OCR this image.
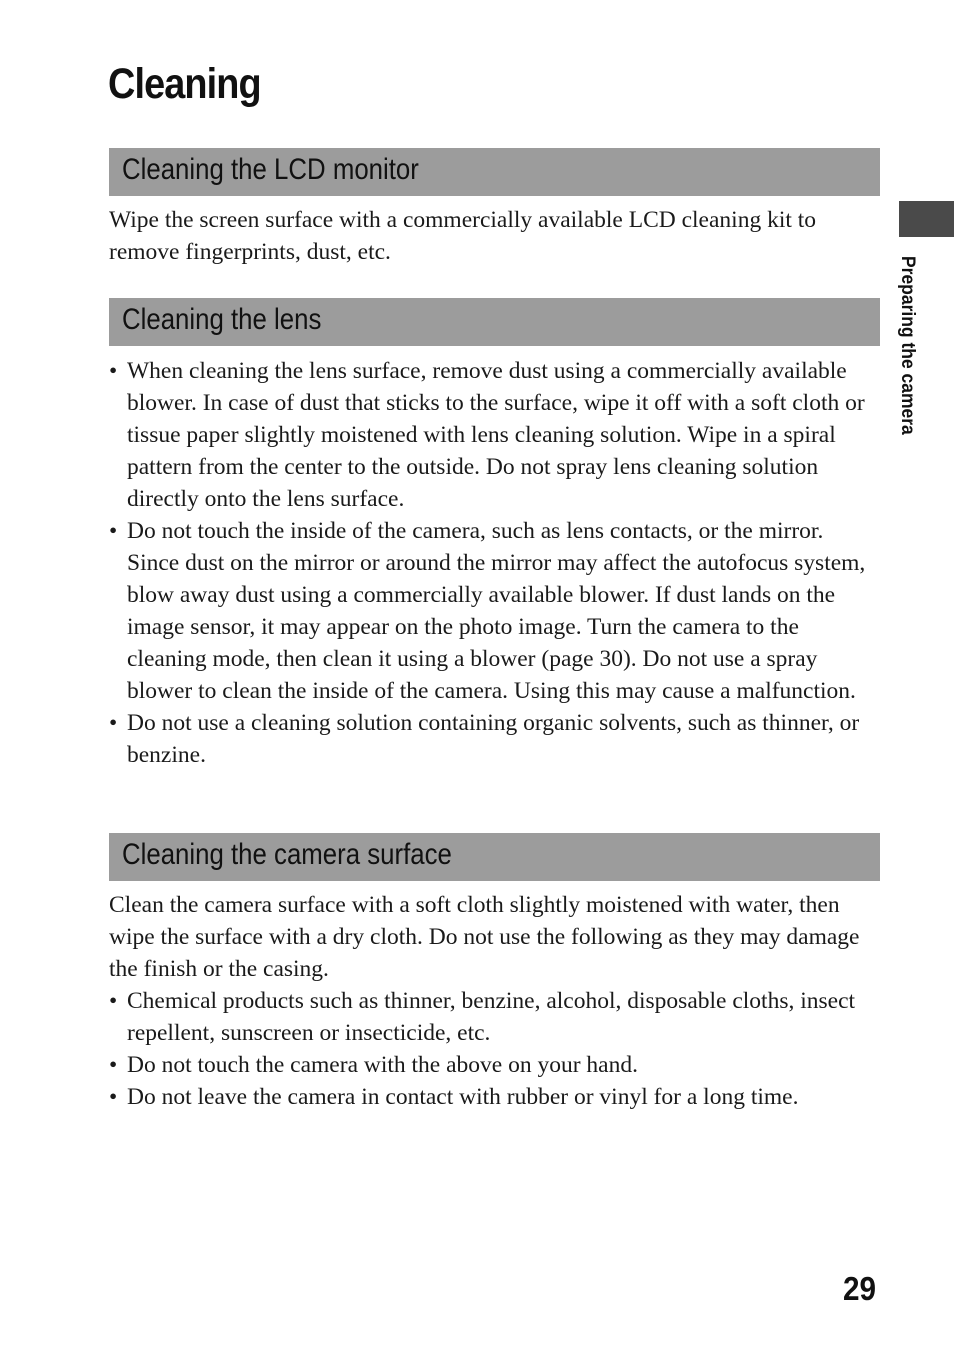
Cleaning
Preparing the camera
Cleaning the LCD monitor

Wipe the screen surface with a commercially available LCD cleaning kit to remove fingerprints, dust, etc.

Cleaning the lens
• When cleaning the lens surface, remove dust using a commercially available blower. In case of dust that sticks to the surface, wipe it off with a soft cloth or tissue paper slightly moistened with lens cleaning solution. Wipe in a spiral pattern from the center to the outside. Do not spray lens cleaning solution directly onto the lens surface.
• Do not touch the inside of the camera, such as lens contacts, or the mirror. Since dust on the mirror or around the mirror may affect the autofocus system, blow away dust using a commercially available blower. If dust lands on the image sensor, it may appear on the photo image. Turn the camera to the cleaning mode, then clean it using a blower (page 30). Do not use a spray blower to clean the inside of the camera. Using this may cause a malfunction.
• Do not use a cleaning solution containing organic solvents, such as thinner, or benzine.
Cleaning the camera surface

Clean the camera surface with a soft cloth slightly moistened with water, then wipe the surface with a dry cloth. Do not use the following as they may damage the finish or the casing.

• Chemical products such as thinner, benzine, alcohol, disposable cloths, insect repellent, sunscreen or insecticide, etc.
• Do not touch the camera with the above on your hand.
• Do not leave the camera in contact with rubber or vinyl for a long time.
29
